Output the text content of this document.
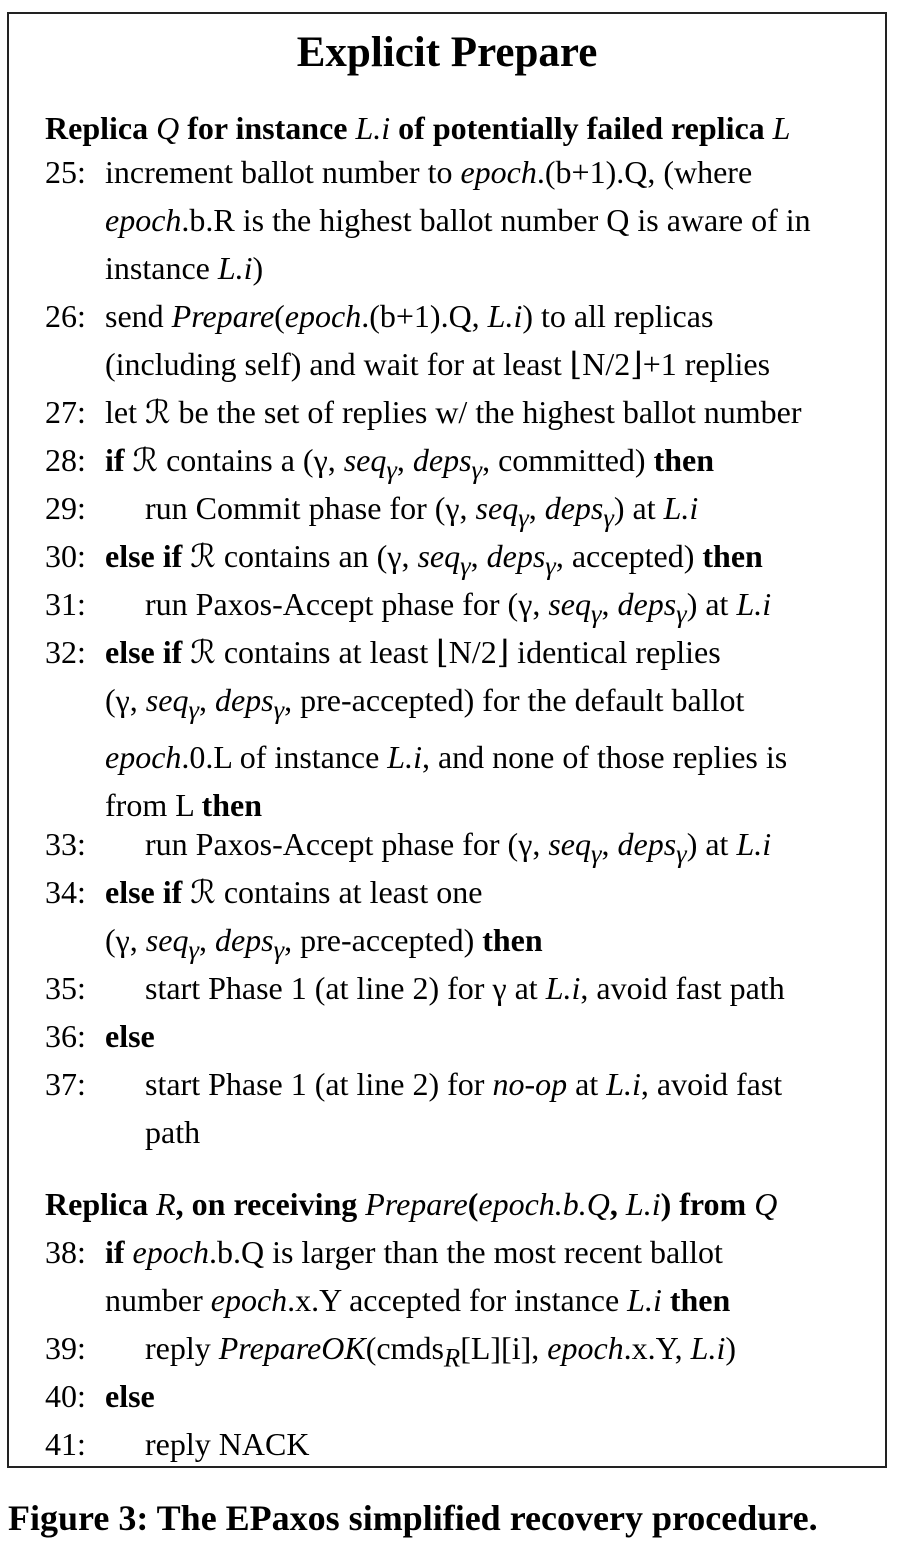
Explicit Prepare
Replica Q for instance L.i of potentially failed replica L
25: increment ballot number to epoch.(b+1).Q, (where
epoch.b.R is the highest ballot number Q is aware of in
instance L.i)
26: send Prepare(epoch.(b+1).Q, L.i) to all replicas
(including self) and wait for at least ⌊N/2⌋+1 replies
27: let ℛ be the set of replies w/ the highest ballot number
28: if ℛ contains a (γ, seq$_\gamma$, deps$_\gamma$, committed) then
29: run Commit phase for (γ, seq$_\gamma$, deps$_\gamma$) at L.i
30: else if ℛ contains an (γ, seq$_\gamma$, deps$_\gamma$, accepted) then
31: run Paxos-Accept phase for (γ, seq$_\gamma$, deps$_\gamma$) at L.i
32: else if ℛ contains at least ⌊N/2⌋ identical replies
(γ, seq$_\gamma$, deps$_\gamma$, pre-accepted) for the default ballot
epoch.0.L of instance L.i, and none of those replies is
from L then
33: run Paxos-Accept phase for (γ, seq$_\gamma$, deps$_\gamma$) at L.i
34: else if ℛ contains at least one
(γ, seq$_\gamma$, deps$_\gamma$, pre-accepted) then
35: start Phase 1 (at line 2) for γ at L.i, avoid fast path
36: else
37: start Phase 1 (at line 2) for no-op at L.i, avoid fast
path
Replica R, on receiving Prepare(epoch.b.Q, L.i) from Q
38: if epoch.b.Q is larger than the most recent ballot
number epoch.x.Y accepted for instance L.i then
39: reply PrepareOK(cmds$_R$[L][i], epoch.x.Y, L.i)
40: else
41: reply NACK
Figure 3: The EPaxos simplified recovery procedure.
